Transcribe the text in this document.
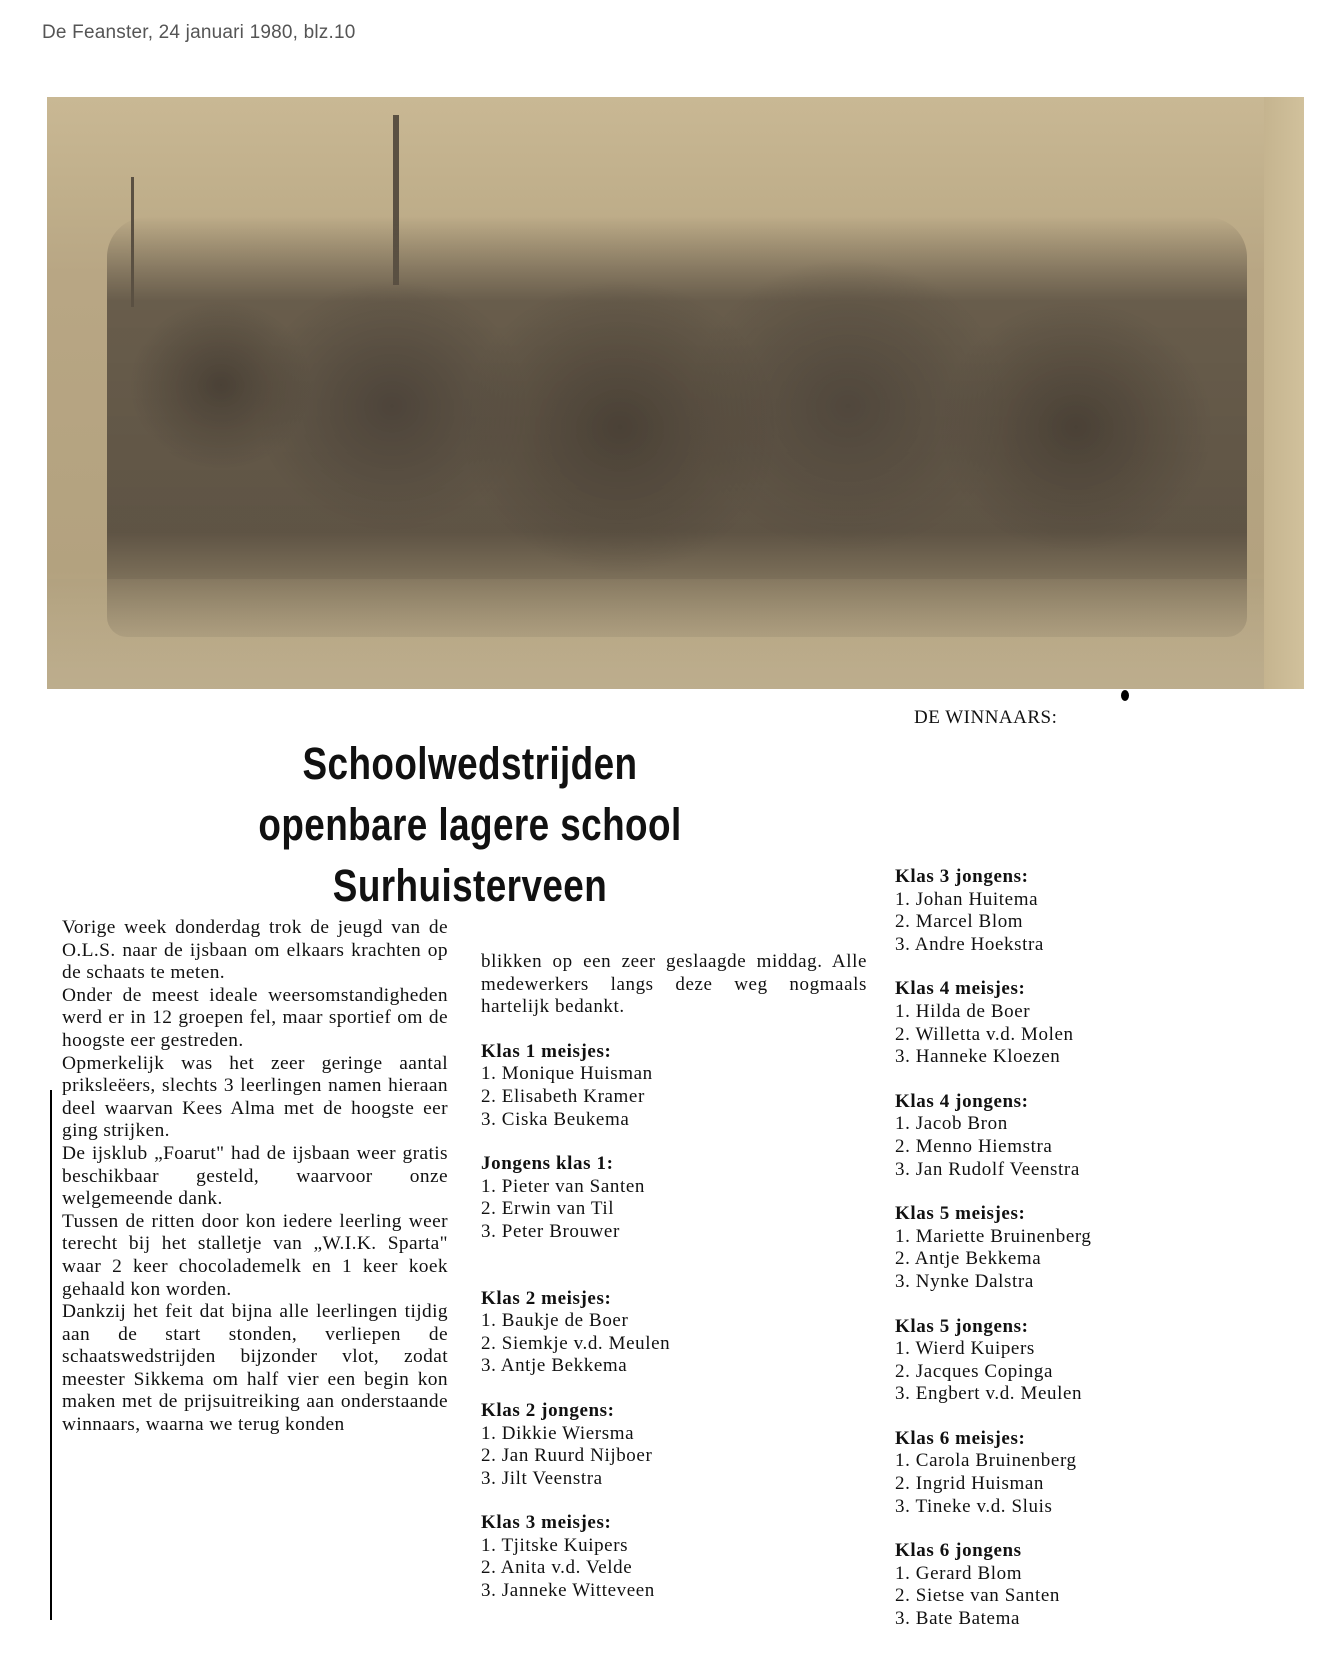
De Feanster, 24 januari 1980, blz.10
DE WINNAARS:
Schoolwedstrijden
openbare lagere school
Surhuisterveen

Vorige week donderdag trok de jeugd van de O.L.S. naar de ijsbaan om elkaars krachten op de schaats te meten.

Onder de meest ideale weersomstandigheden werd er in 12 groepen fel, maar sportief om de hoogste eer gestreden.

Opmerkelijk was het zeer geringe aantal priksleëers, slechts 3 leerlingen namen hieraan deel waarvan Kees Alma met de hoogste eer ging strijken.

De ijsklub „Foarut" had de ijsbaan weer gratis beschikbaar gesteld, waarvoor onze welgemeende dank.

Tussen de ritten door kon iedere leerling weer terecht bij het stalletje van „W.I.K. Sparta" waar 2 keer chocolademelk en 1 keer koek gehaald kon worden.

Dankzij het feit dat bijna alle leerlingen tijdig aan de start stonden, verliepen de schaatswedstrijden bijzonder vlot, zodat meester Sikkema om half vier een begin kon maken met de prijsuitreiking aan onderstaande winnaars, waarna we terug konden

blikken op een zeer geslaagde middag. Alle medewerkers langs deze weg nogmaals hartelijk bedankt.

Klas 1 meisjes:
1. Monique Huisman
2. Elisabeth Kramer
3. Ciska Beukema
Jongens klas 1:
1. Pieter van Santen
2. Erwin van Til
3. Peter Brouwer
Klas 2 meisjes:
1. Baukje de Boer
2. Siemkje v.d. Meulen
3. Antje Bekkema
Klas 2 jongens:
1. Dikkie Wiersma
2. Jan Ruurd Nijboer
3. Jilt Veenstra
Klas 3 meisjes:
1. Tjitske Kuipers
2. Anita v.d. Velde
3. Janneke Witteveen
Klas 3 jongens:
1. Johan Huitema
2. Marcel Blom
3. Andre Hoekstra
Klas 4 meisjes:
1. Hilda de Boer
2. Willetta v.d. Molen
3. Hanneke Kloezen
Klas 4 jongens:
1. Jacob Bron
2. Menno Hiemstra
3. Jan Rudolf Veenstra
Klas 5 meisjes:
1. Mariette Bruinenberg
2. Antje Bekkema
3. Nynke Dalstra
Klas 5 jongens:
1. Wierd Kuipers
2. Jacques Copinga
3. Engbert v.d. Meulen
Klas 6 meisjes:
1. Carola Bruinenberg
2. Ingrid Huisman
3. Tineke v.d. Sluis
Klas 6 jongens
1. Gerard Blom
2. Sietse van Santen
3. Bate Batema
